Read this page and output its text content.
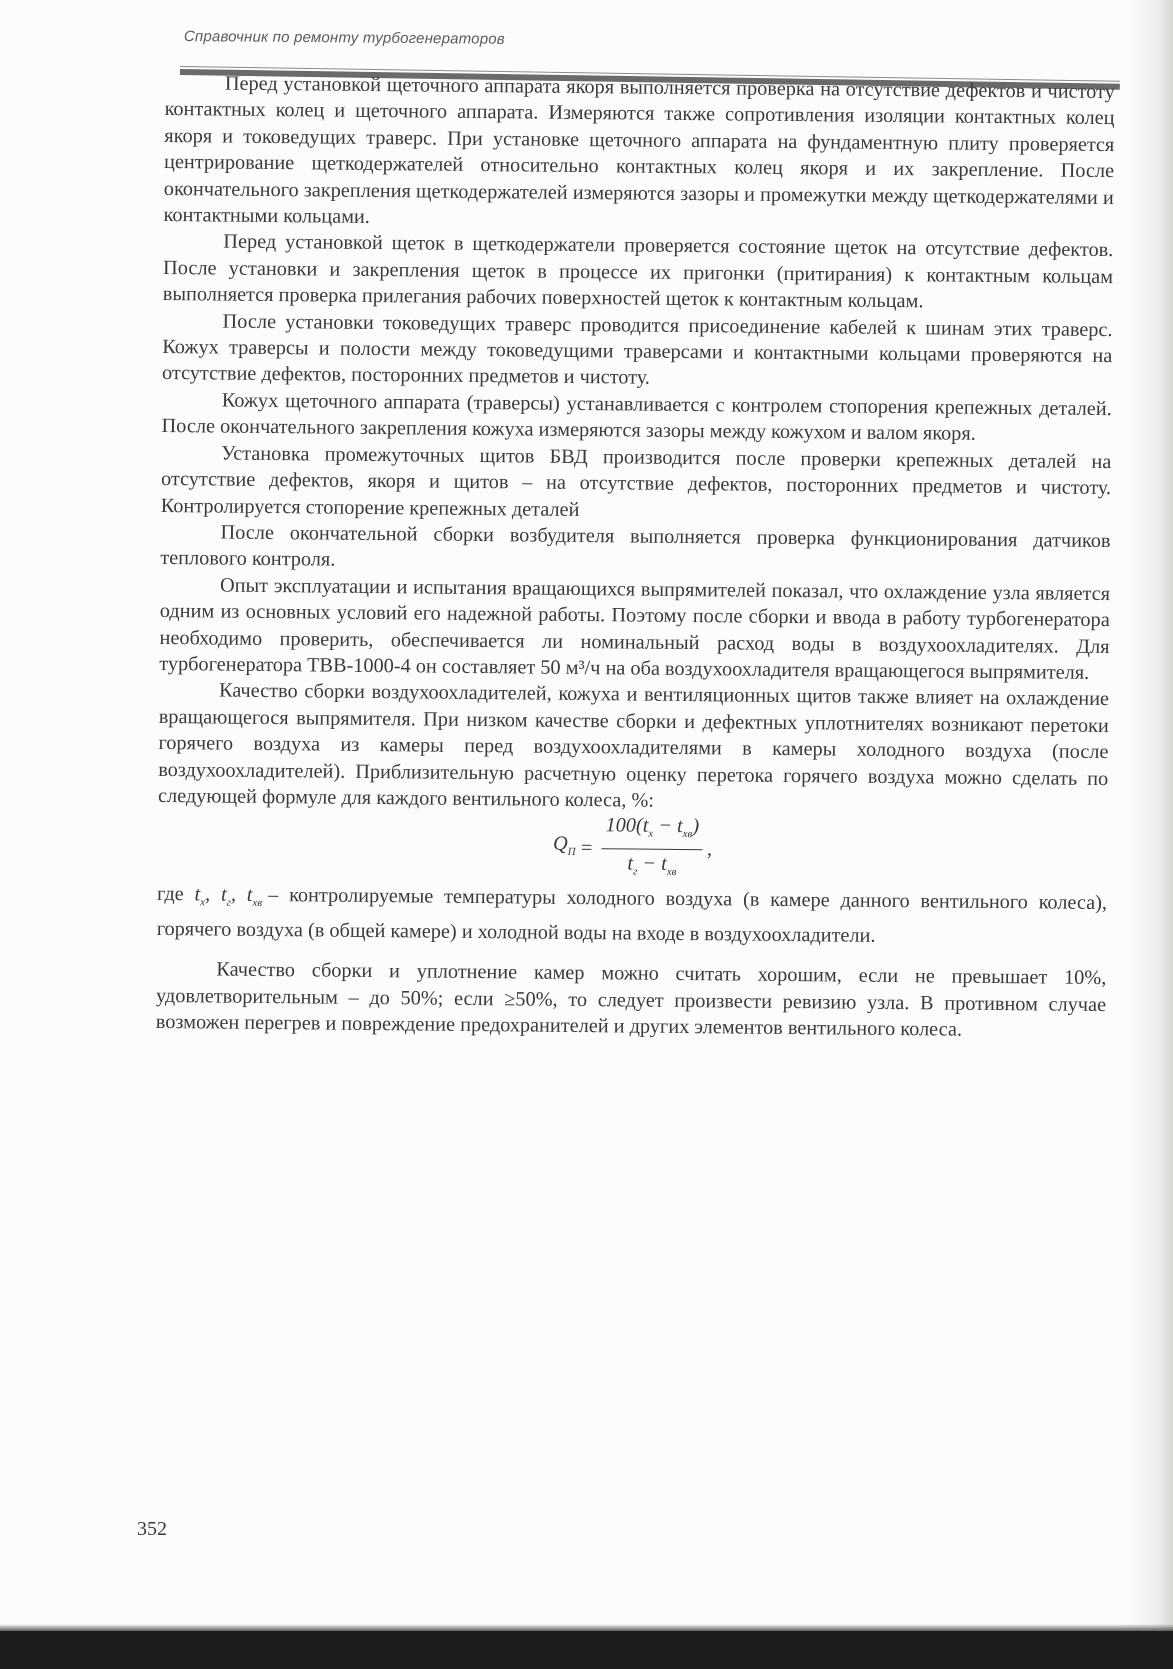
Справочник по ремонту турбогенераторов

Перед установкой щеточного аппарата якоря выполняется проверка на отсутствие дефектов и чистоту контактных колец и щеточного аппарата. Измеряются также сопротивления изоляции контактных колец якоря и токоведущих траверс. При установке щеточного аппарата на фундаментную плиту проверяется центрирование щеткодержателей относительно контактных колец якоря и их закрепление. После окончательного закрепления щеткодержателей измеряются зазоры и промежутки между щеткодержателями и контактными кольцами.

Перед установкой щеток в щеткодержатели проверяется состояние щеток на отсутствие дефектов. После установки и закрепления щеток в процессе их пригонки (притирания) к контактным кольцам выполняется проверка прилегания рабочих поверхностей щеток к контактным кольцам.

После установки токоведущих траверс проводится присоединение кабелей к шинам этих траверс. Кожух траверсы и полости между токоведущими траверсами и контактными кольцами проверяются на отсутствие дефектов, посторонних предметов и чистоту.

Кожух щеточного аппарата (траверсы) устанавливается с контролем стопорения крепежных деталей. После окончательного закрепления кожуха измеряются зазоры между кожухом и валом якоря.

Установка промежуточных щитов БВД производится после проверки крепежных деталей на отсутствие дефектов, якоря и щитов – на отсутствие дефектов, посторонних предметов и чистоту. Контролируется стопорение крепежных деталей

После окончательной сборки возбудителя выполняется проверка функционирования датчиков теплового контроля.

Опыт эксплуатации и испытания вращающихся выпрямителей показал, что охлаждение узла является одним из основных условий его надежной работы. Поэтому после сборки и ввода в работу турбогенератора необходимо проверить, обеспечивается ли номинальный расход воды в воздухоохладителях. Для турбогенератора ТВВ-1000-4 он составляет 50 м³/ч на оба воздухоохладителя вращающегося выпрямителя.

Качество сборки воздухоохладителей, кожуха и вентиляционных щитов также влияет на охлаждение вращающегося выпрямителя. При низком качестве сборки и дефектных уплотнителях возникают перетоки горячего воздуха из камеры перед воздухоохладителями в камеры холодного воздуха (после воздухоохладителей). Приблизительную расчетную оценку перетока горячего воздуха можно сделать по следующей формуле для каждого вентильного колеса, %:

$Q_П = \frac{100(t_х - t_{хв})}{t_г - t_{хв}}$ ,

где $t_х$, $t_г$, $t_{хв}$ – контролируемые температуры холодного воздуха (в камере данного вентильного колеса), горячего воздуха (в общей камере) и холодной воды на входе в воздухоохладители.

Качество сборки и уплотнение камер можно считать хорошим, если не превышает 10%, удовлетворительным – до 50%; если ≥50%, то следует произвести ревизию узла. В противном случае возможен перегрев и повреждение предохранителей и других элементов вентильного колеса.

352
